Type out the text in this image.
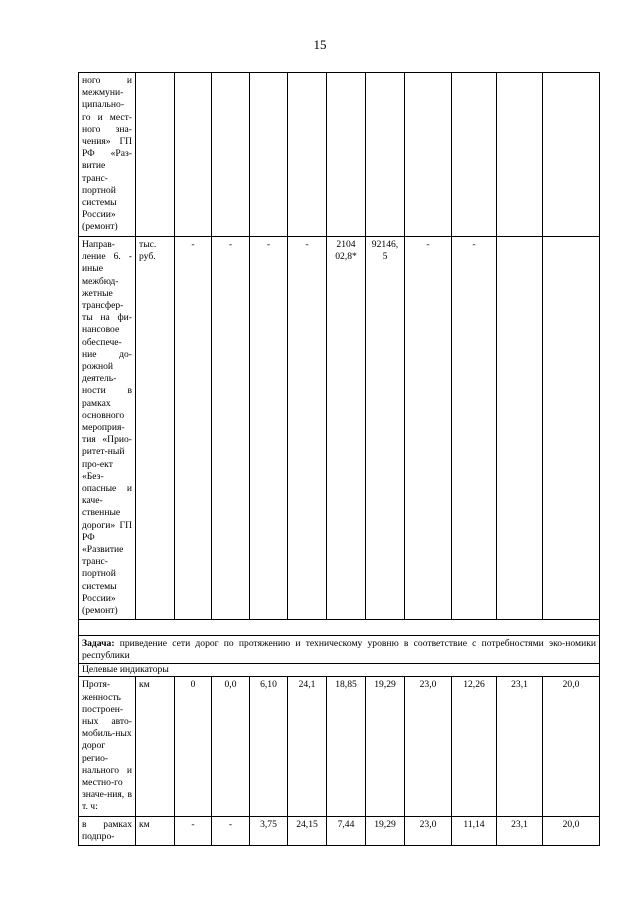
15
ного и межмуни-ципально-го и мест-ного зна-чения» ГП РФ «Раз-витие транс-портной системы России» (ремонт)											
Направ-ление 6. - иные межбюд-жетные трансфер-ты на фи-нансовое обеспече-ние до-рожной деятель-ности в рамках основного мероприя-тия «Прио-ритет-ный про-ект «Без-опасные и каче-ственные дороги» ГП РФ «Развитие транс-портной системы России» (ремонт)	тыс. руб.	-	-	-	-	2104 02,8*	92146, 5	-	-		

Задача: приведение сети дорог по протяжению и техническому уровню в соответствие с потребностями эко-номики республики											
Целевые индикаторы											
Протя-женность построен-ных авто-мобиль-ных дорог регио-нального и местно-го значе-ния, в т. ч:	км	0	0,0	6,10	24,1	18,85	19,29	23,0	12,26	23,1	20,0
в рамках подпро-	км	-	-	3,75	24,15	7,44	19,29	23,0	11,14	23,1	20,0
